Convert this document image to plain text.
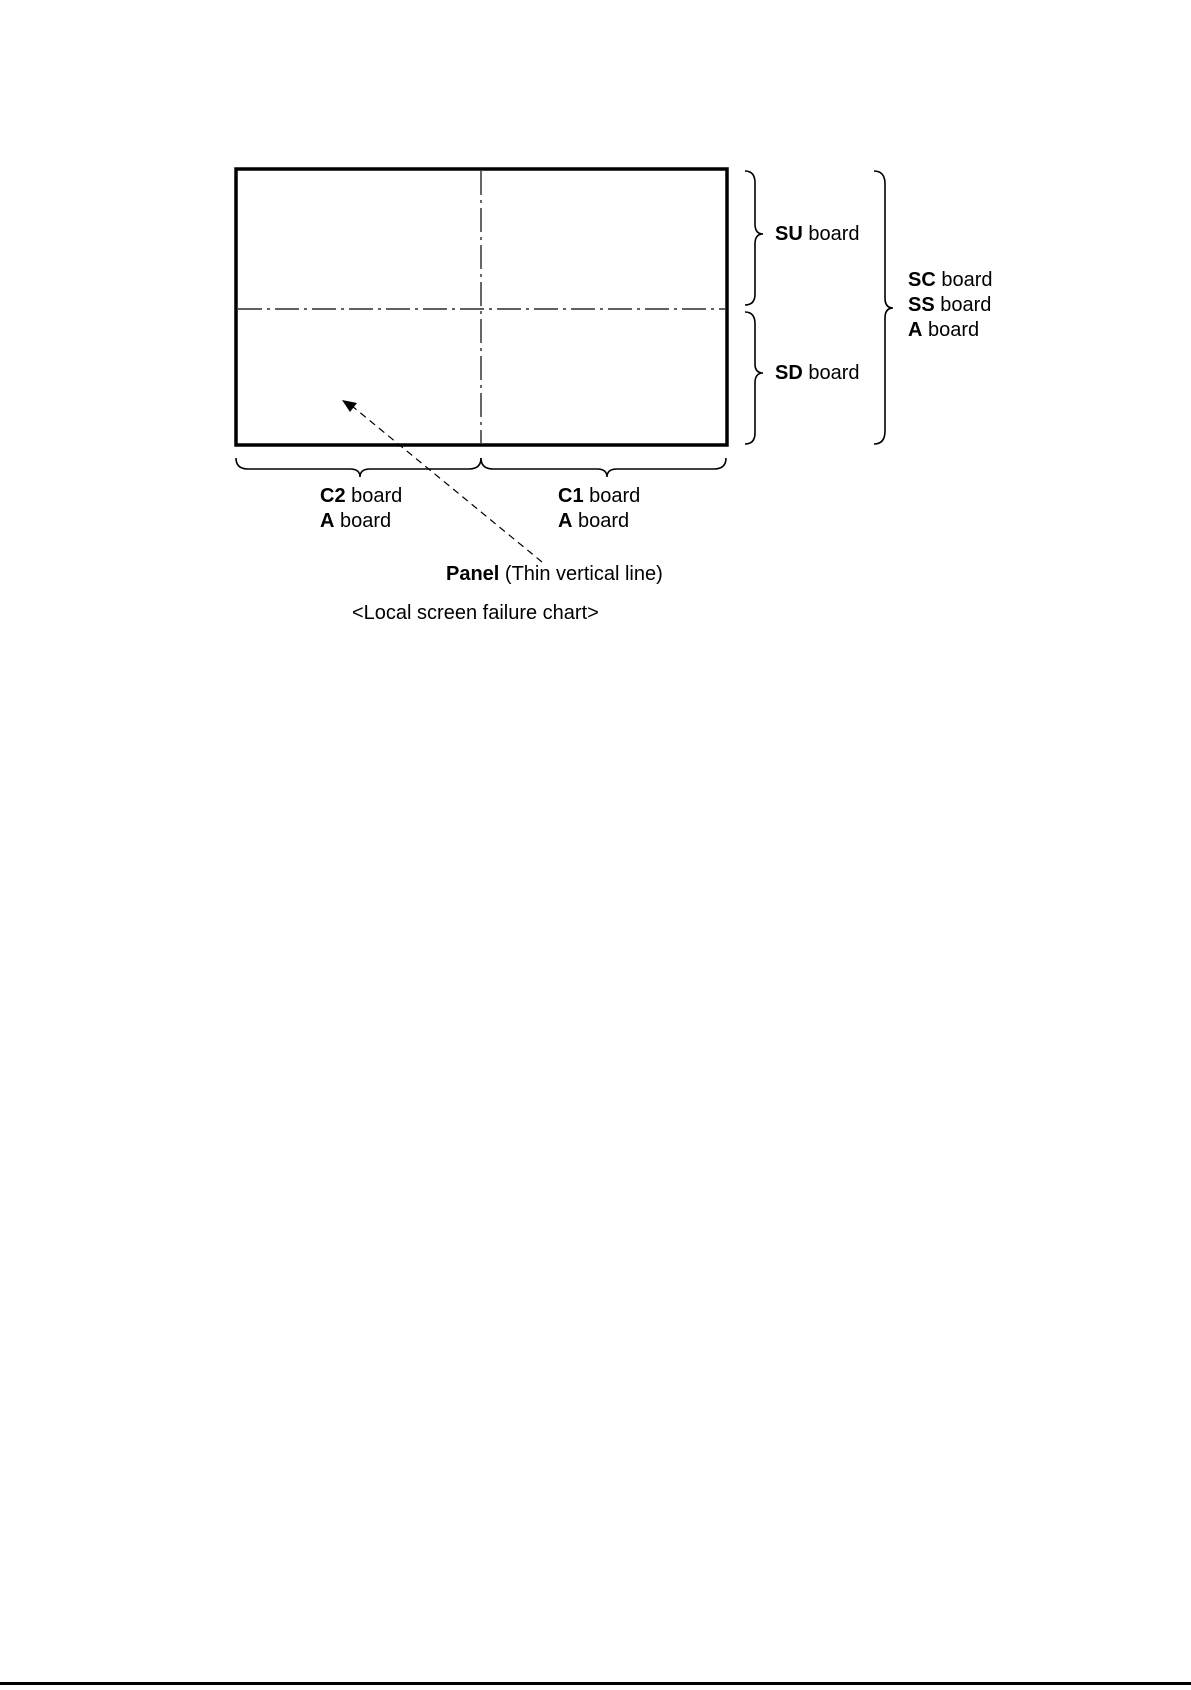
SU board
SD board
SC board
SS board
A board
C2 board
A board
C1 board
A board
Panel (Thin vertical line)
<Local screen failure chart>
